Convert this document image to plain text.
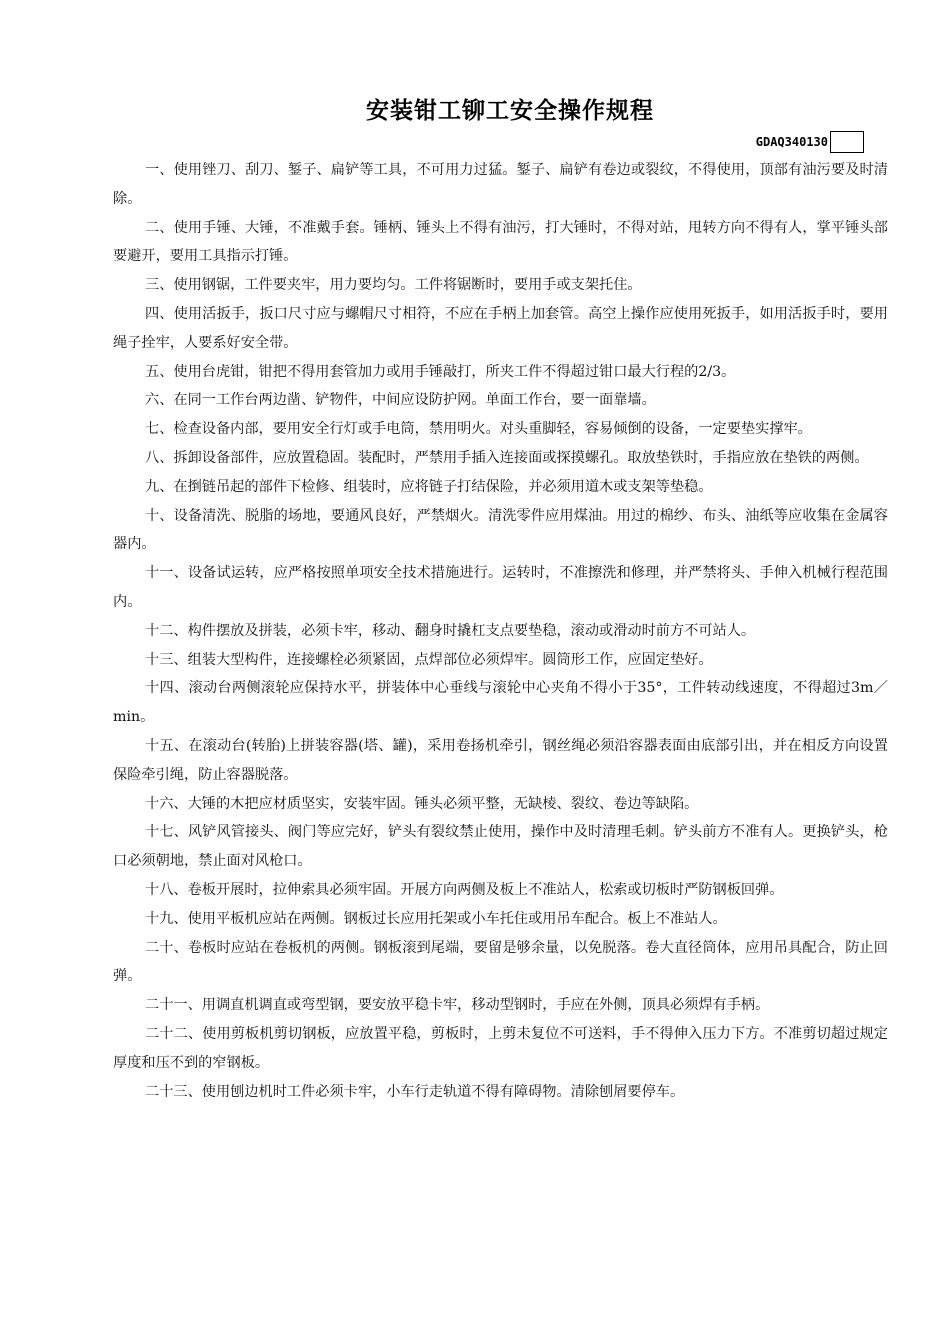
安装钳工铆工安全操作规程
GDAQ340130

一、使用锉刀、刮刀、錾子、扁铲等工具，不可用力过猛。錾子、扁铲有卷边或裂纹，不得使用，顶部有油污要及时清除。

二、使用手锤、大锤，不准戴手套。锤柄、锤头上不得有油污，打大锤时，不得对站，甩转方向不得有人，掌平锤头部要避开，要用工具指示打锤。

三、使用钢锯，工件要夹牢，用力要均匀。工件将锯断时，要用手或支架托住。

四、使用活扳手，扳口尺寸应与螺帽尺寸相符，不应在手柄上加套管。高空上操作应使用死扳手，如用活扳手时，要用绳子拴牢，人要系好安全带。

五、使用台虎钳，钳把不得用套管加力或用手锤敲打，所夹工件不得超过钳口最大行程的2/3。

六、在同一工作台两边凿、铲物件，中间应设防护网。单面工作台，要一面靠墙。

七、检查设备内部，要用安全行灯或手电筒，禁用明火。对头重脚轻，容易倾倒的设备，一定要垫实撑牢。

八、拆卸设备部件，应放置稳固。装配时，严禁用手插入连接面或探摸螺孔。取放垫铁时，手指应放在垫铁的两侧。

九、在捯链吊起的部件下检修、组装时，应将链子打结保险，并必须用道木或支架等垫稳。

十、设备清洗、脱脂的场地，要通风良好，严禁烟火。清洗零件应用煤油。用过的棉纱、布头、油纸等应收集在金属容器内。

十一、设备试运转，应严格按照单项安全技术措施进行。运转时，不准擦洗和修理，并严禁将头、手伸入机械行程范围内。

十二、构件摆放及拼装，必须卡牢，移动、翻身时撬杠支点要垫稳，滚动或滑动时前方不可站人。

十三、组装大型构件，连接螺栓必须紧固，点焊部位必须焊牢。圆筒形工作，应固定垫好。

十四、滚动台两侧滚轮应保持水平，拼装体中心垂线与滚轮中心夹角不得小于35°，工件转动线速度，不得超过3m／min。

十五、在滚动台(转胎)上拼装容器(塔、罐)，采用卷扬机牵引，钢丝绳必须沿容器表面由底部引出，并在相反方向设置保险牵引绳，防止容器脱落。

十六、大锤的木把应材质坚实，安装牢固。锤头必须平整，无缺棱、裂纹、卷边等缺陷。

十七、风铲风管接头、阀门等应完好，铲头有裂纹禁止使用，操作中及时清理毛刺。铲头前方不准有人。更换铲头，枪口必须朝地，禁止面对风枪口。

十八、卷板开展时，拉伸索具必须牢固。开展方向两侧及板上不准站人，松索或切板时严防钢板回弹。

十九、使用平板机应站在两侧。钢板过长应用托架或小车托住或用吊车配合。板上不准站人。

二十、卷板时应站在卷板机的两侧。钢板滚到尾端，要留是够余量，以免脱落。卷大直径筒体，应用吊具配合，防止回弹。

二十一、用调直机调直或弯型钢，要安放平稳卡牢，移动型钢时，手应在外侧，顶具必须焊有手柄。

二十二、使用剪板机剪切钢板，应放置平稳，剪板时，上剪未复位不可送料，手不得伸入压力下方。不准剪切超过规定厚度和压不到的窄钢板。

二十三、使用刨边机时工件必须卡牢，小车行走轨道不得有障碍物。清除刨屑要停车。
